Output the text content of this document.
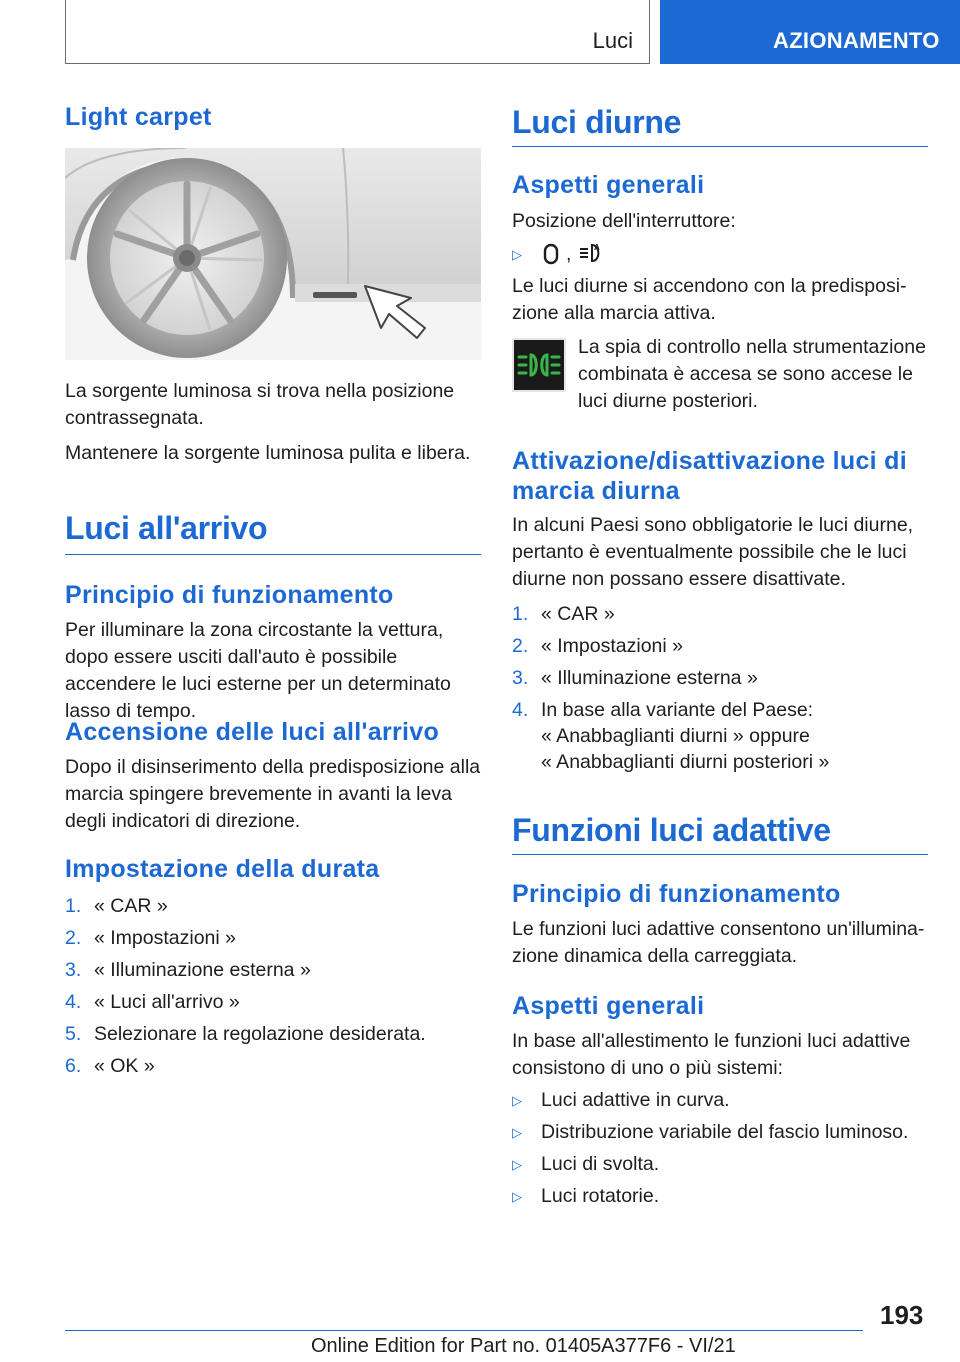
Luci	AZIONAMENTO
Light carpet

La sorgente luminosa si trova nella posizione contrassegnata.

Mantenere la sorgente luminosa pulita e libera.

Luci all'arrivo
Principio di funzionamento

Per illuminare la zona circostante la vettura, dopo essere usciti dall'auto è possibile accendere le luci esterne per un determinato lasso di tempo.

Accensione delle luci all'arrivo

Dopo il disinserimento della predisposizione alla marcia spingere brevemente in avanti la leva degli indicatori di direzione.

Impostazione della durata
1. « CAR »
2. « Impostazioni »
3. « Illuminazione esterna »
4. « Luci all'arrivo »
5. Selezionare la regolazione desiderata.
6. « OK »
Luci diurne
Aspetti generali

Posizione dell'interruttore:

▷ ,	A

Le luci diurne si accendono con la predisposizione alla marcia attiva.

La spia di controllo nella strumentazione combinata è accesa se sono accese le luci diurne posteriori.

Attivazione/disattivazione luci di marcia diurna

In alcuni Paesi sono obbligatorie le luci diurne, pertanto è eventualmente possibile che le luci diurne non possano essere disattivate.

1. « CAR »
2. « Impostazioni »
3. « Illuminazione esterna »
4. In base alla variante del Paese:
« Anabbaglianti diurni » oppure
« Anabbaglianti diurni posteriori »
Funzioni luci adattive
Principio di funzionamento

Le funzioni luci adattive consentono un'illuminazione dinamica della carreggiata.

Aspetti generali

In base all'allestimento le funzioni luci adattive consistono di uno o più sistemi:

▷ Luci adattive in curva.
▷ Distribuzione variabile del fascio luminoso.
▷ Luci di svolta.
▷ Luci rotatorie.
193
Online Edition for Part no. 01405A377F6 - VI/21
